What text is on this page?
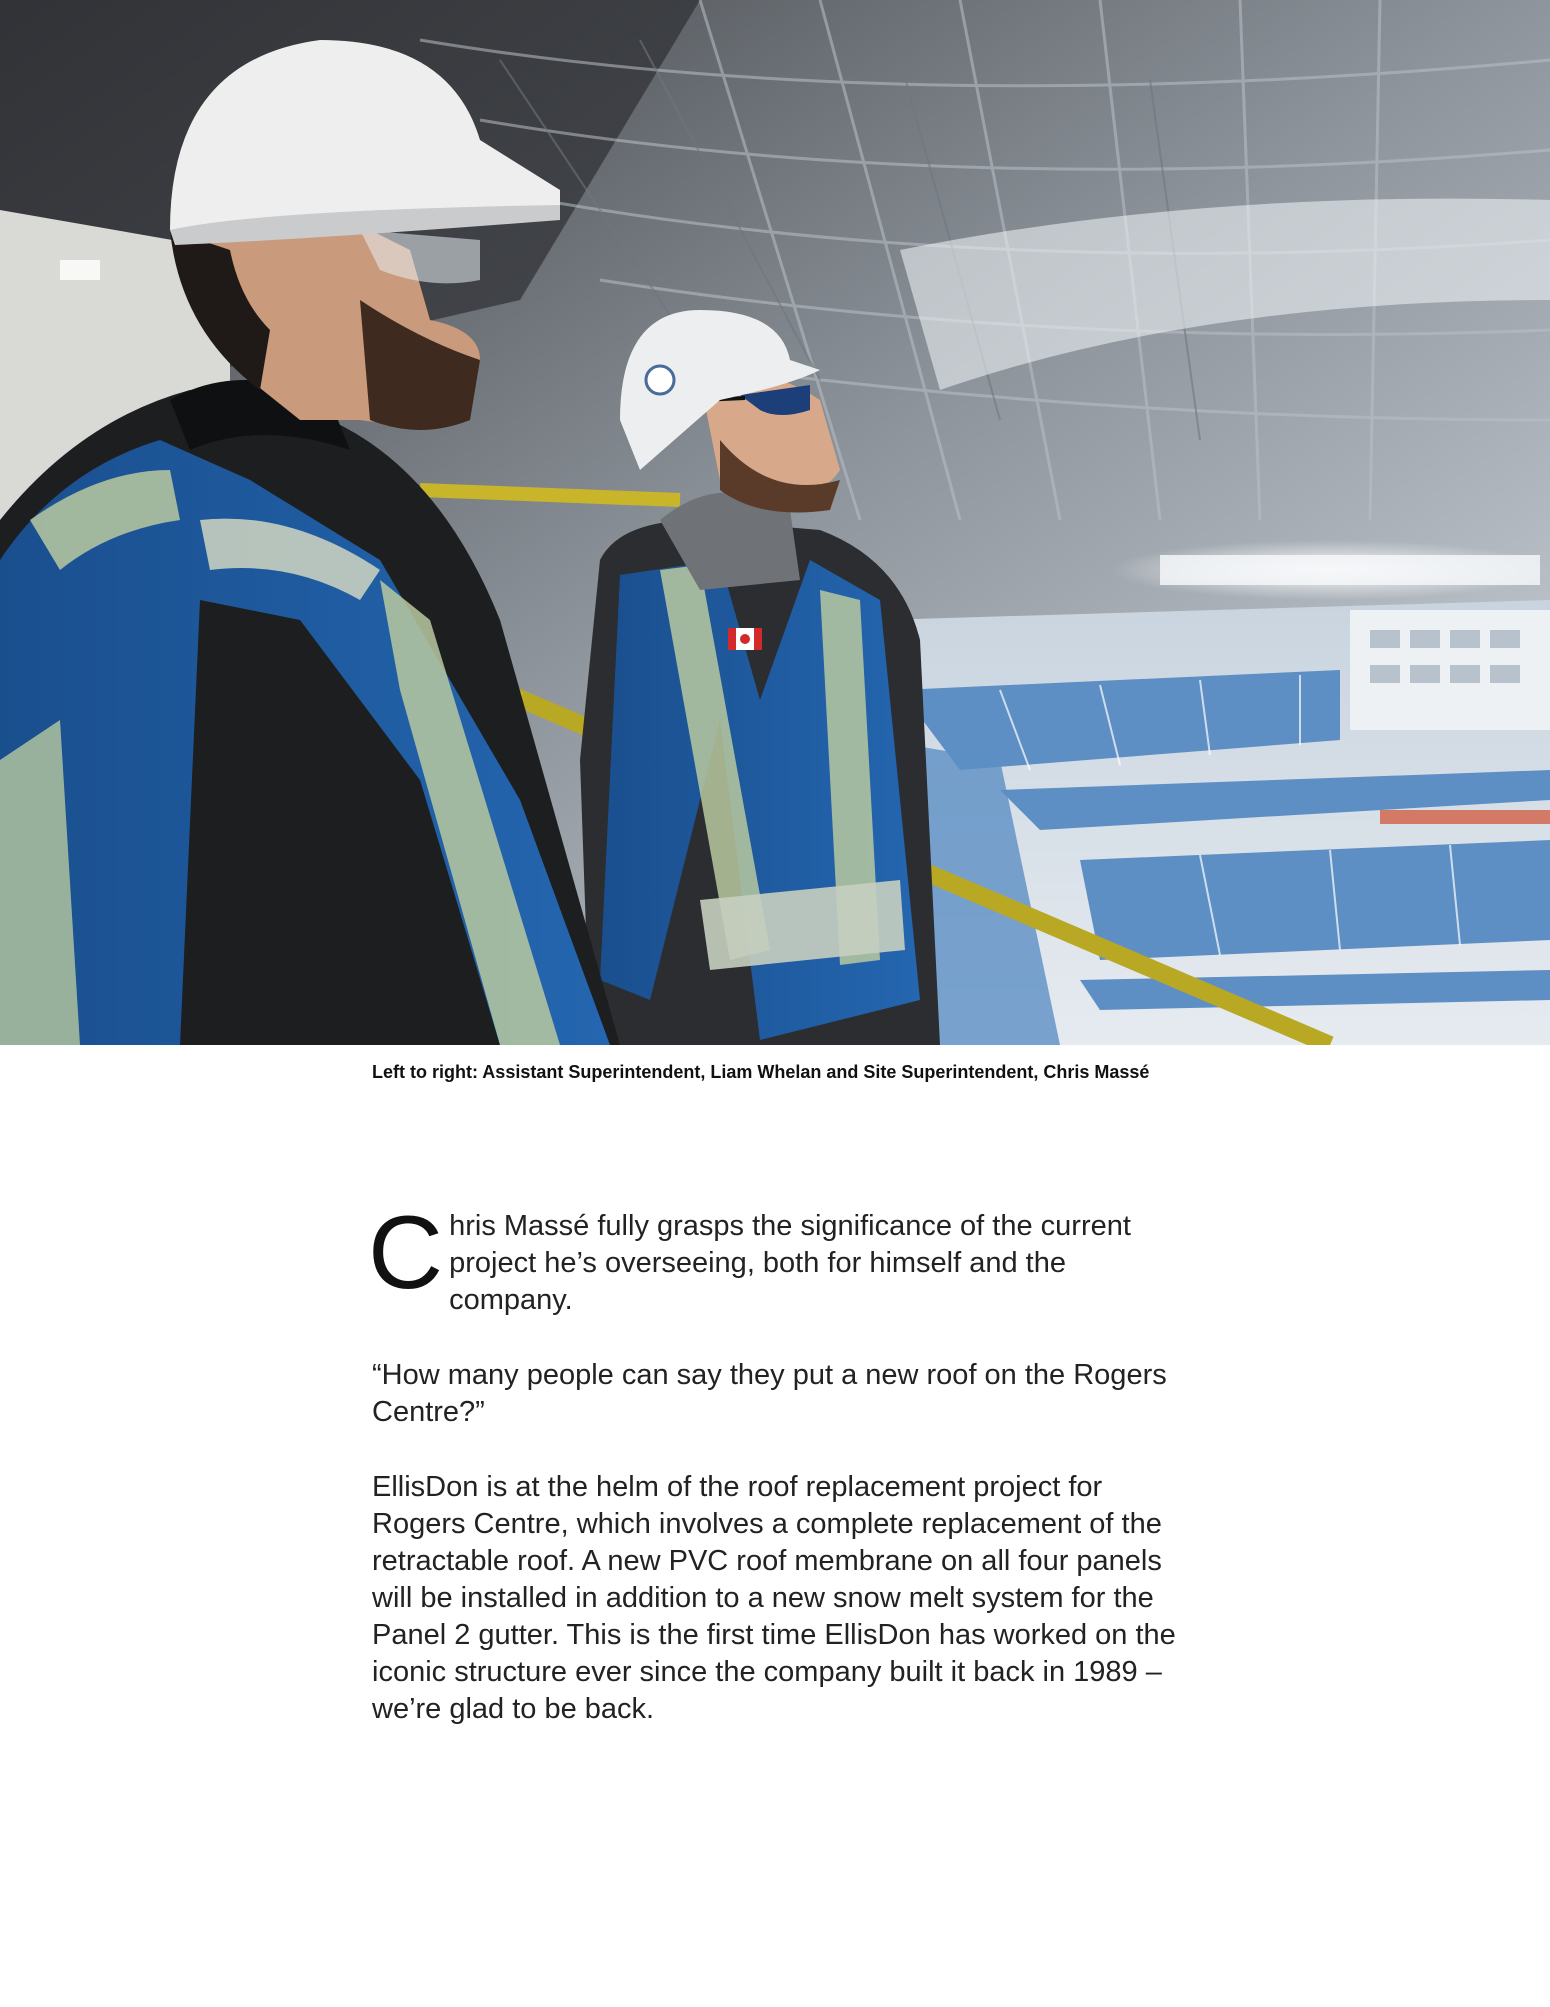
Left to right: Assistant Superintendent, Liam Whelan and Site Superintendent, Chris Massé

Chris Massé fully grasps the significance of the current project he’s overseeing, both for himself and the company.

“How many people can say they put a new roof on the Rogers Centre?”

EllisDon is at the helm of the roof replacement project for Rogers Centre, which involves a complete replacement of the retractable roof. A new PVC roof membrane on all four panels will be installed in addition to a new snow melt system for the Panel 2 gutter. This is the first time EllisDon has worked on the iconic structure ever since the company built it back in 1989 – we’re glad to be back.
